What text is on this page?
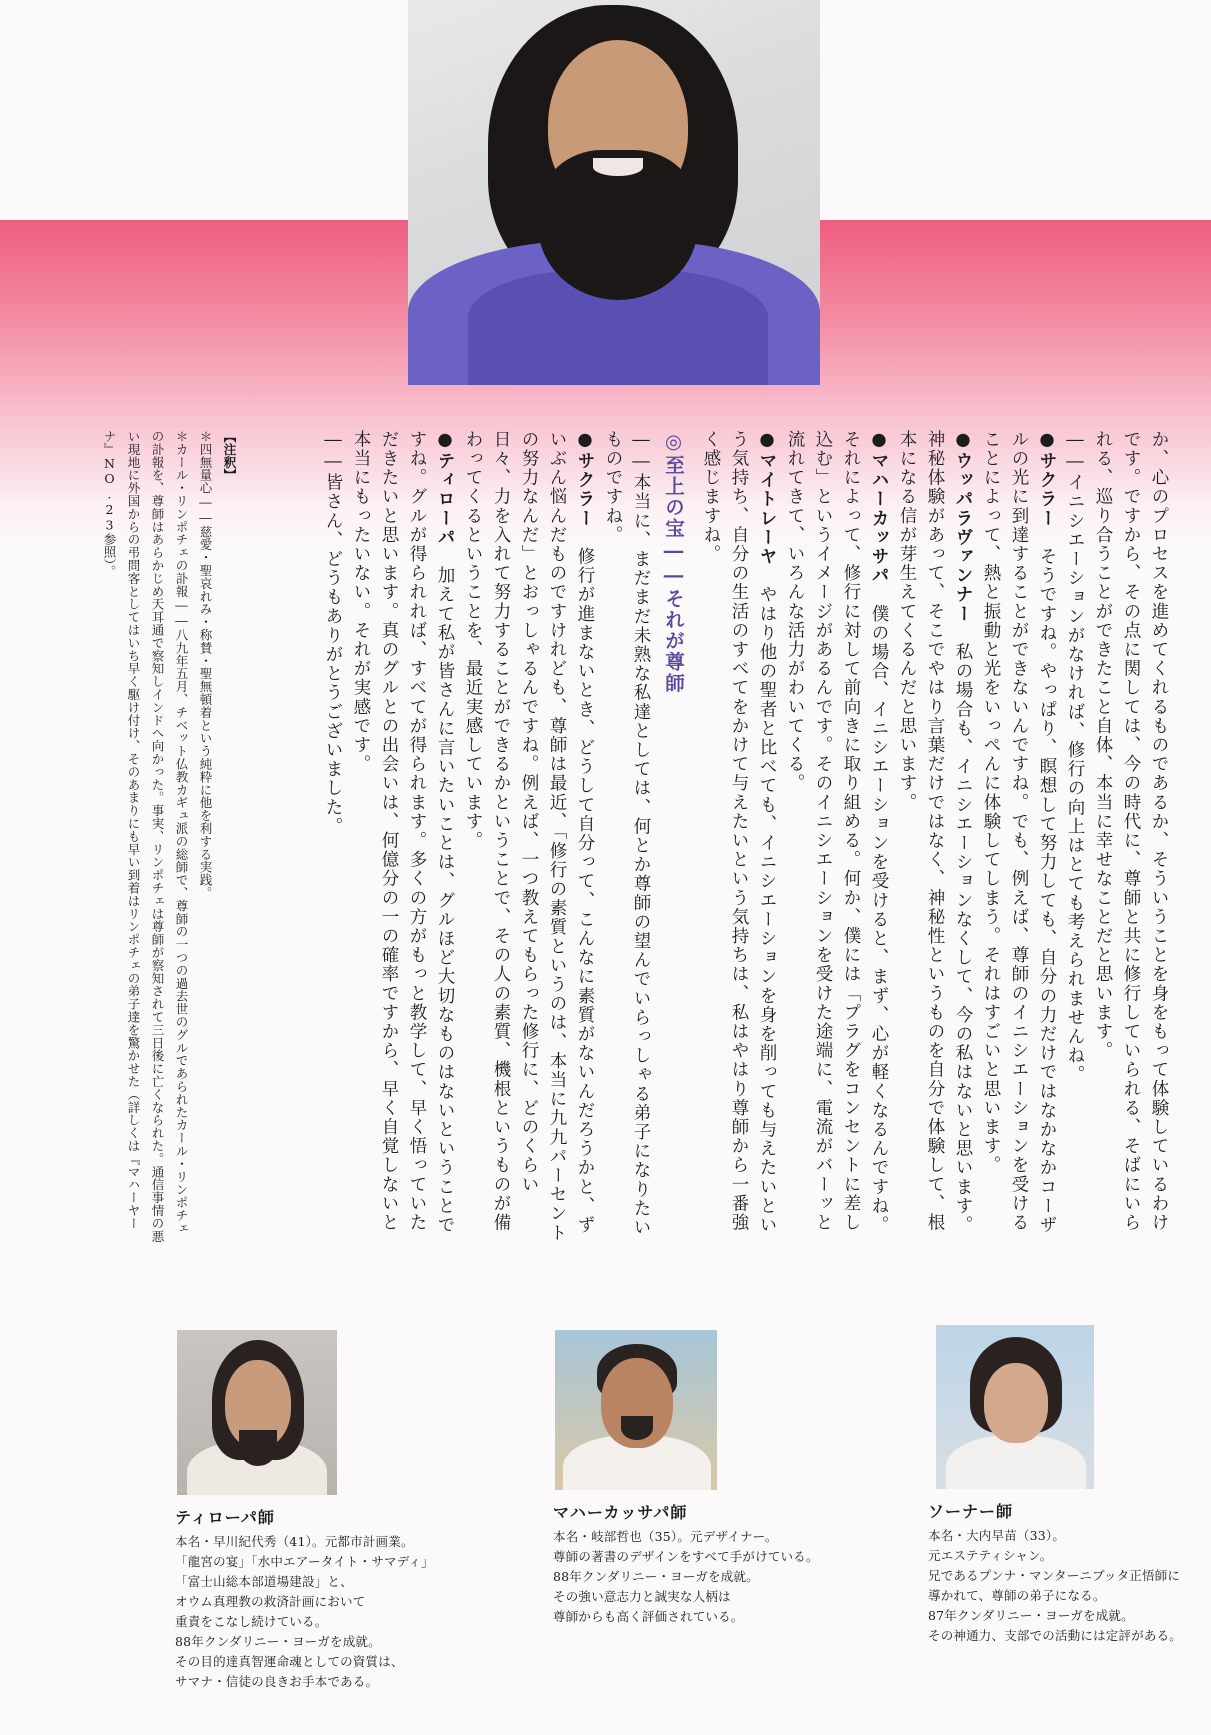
か、心のプロセスを進めてくれるものであるか、そういうことを身をもって体験しているわけです。ですから、その点に関しては、今の時代に、尊師と共に修行していられる、そばにいられる、巡り合うことができたこと自体、本当に幸せなことだと思います。

――イニシエーションがなければ、修行の向上はとても考えられませんね。

●サクラー　そうですね。やっぱり、瞑想して努力しても、自分の力だけではなかなかコーザルの光に到達することができないんですね。でも、例えば、尊師のイニシエーションを受けることによって、熱と振動と光をいっぺんに体験してしまう。それはすごいと思います。

●ウッパラヴァンナー　私の場合も、イニシエーションなくして、今の私はないと思います。神秘体験があって、そこでやはり言葉だけではなく、神秘性というものを自分で体験して、根本になる信が芽生えてくるんだと思います。

●マハーカッサパ　僕の場合、イニシエーションを受けると、まず、心が軽くなるんですね。それによって、修行に対して前向きに取り組める。何か、僕には「プラグをコンセントに差し込む」というイメージがあるんです。そのイニシエーションを受けた途端に、電流がバーッと流れてきて、いろんな活力がわいてくる。

●マイトレーヤ　やはり他の聖者と比べても、イニシエーションを身を削っても与えたいという気持ち、自分の生活のすべてをかけて与えたいという気持ちは、私はやはり尊師から一番強く感じますね。

◎至上の宝――それが尊師

――本当に、まだまだ未熟な私達としては、何とか尊師の望んでいらっしゃる弟子になりたいものですね。

●サクラー　修行が進まないとき、どうして自分って、こんなに素質がないんだろうかと、ずいぶん悩んだものですけれども、尊師は最近、「修行の素質というのは、本当に九九パーセントの努力なんだ」とおっしゃるんですね。例えば、一つ教えてもらった修行に、どのくらい日々、力を入れて努力することができるかということで、その人の素質、機根というものが備わってくるということを、最近実感しています。

●ティローパ　加えて私が皆さんに言いたいことは、グルほど大切なものはないということですね。グルが得られれば、すべてが得られます。多くの方がもっと教学して、早く悟っていただきたいと思います。真のグルとの出会いは、何億分の一の確率ですから、早く自覚しないと本当にもったいない。それが実感です。

――皆さん、どうもありがとうございました。

【注釈】

＊四無量心――慈愛・聖哀れみ・称賛・聖無頓着という純粋に他を利する実践。

＊カール・リンポチェの訃報――八九年五月、チベット仏教カギュ派の総師で、尊師の一つの過去世のグルであられたカール・リンポチェの訃報を、尊師はあらかじめ天耳通で察知しインドへ向かった。事実、リンポチェは尊師が察知されて三日後に亡くなられた。通信事情の悪い現地に外国からの弔問客としてはいち早く駆け付け、そのあまりにも早い到着はリンポチェの弟子達を驚かせた（詳しくは『マハーヤーナ』NO.23参照）。

ティローパ師
本名・早川紀代秀（41）。元都市計画業。
「龍宮の宴」「水中エアータイト・サマディ」
「富士山総本部道場建設」と、
オウム真理教の救済計画において
重責をこなし続けている。
88年クンダリニー・ヨーガを成就。
その目的達真智運命魂としての資質は、
サマナ・信徒の良きお手本である。
マハーカッサパ師
本名・岐部哲也（35）。元デザイナー。
尊師の著書のデザインをすべて手がけている。
88年クンダリニー・ヨーガを成就。
その強い意志力と誠実な人柄は
尊師からも高く評価されている。
ソーナー師
本名・大内早苗（33）。
元エステティシャン。
兄であるプンナ・マンターニブッタ正悟師に
導かれて、尊師の弟子になる。
87年クンダリニー・ヨーガを成就。
その神通力、支部での活動には定評がある。
